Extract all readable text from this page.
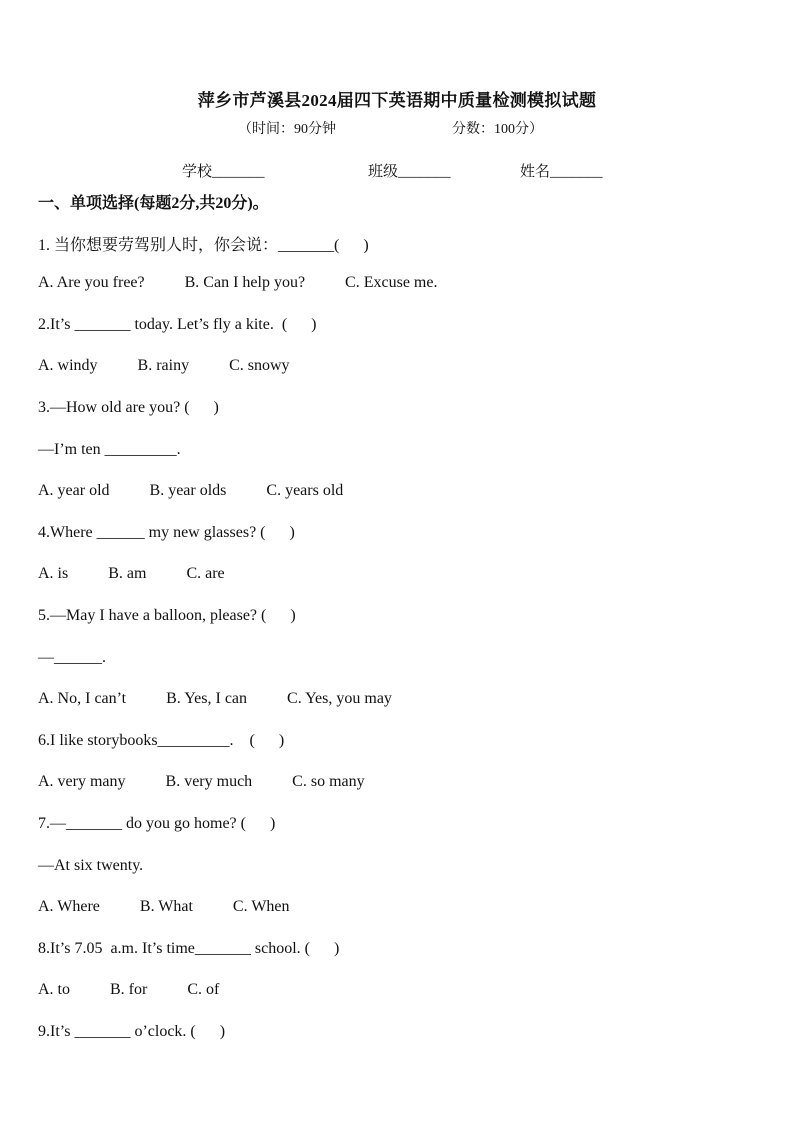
萍乡市芦溪县2024届四下英语期中质量检测模拟试题
（时间：90分钟	分数：100分）
学校_______	班级_______	姓名_______
一、单项选择(每题2分,共20分)。
1. 当你想要劳驾别人时，你会说：_______(      )
A. Are you free?          B. Can I help you?          C. Excuse me.
2.It’s _______ today. Let’s fly a kite.  (      )
A. windy          B. rainy          C. snowy
3.—How old are you? (      )
—I’m ten _________.
A. year old          B. year olds          C. years old
4.Where ______ my new glasses? (      )
A. is          B. am          C. are
5.—May I have a balloon, please? (      )
—______.
A. No, I can’t          B. Yes, I can          C. Yes, you may
6.I like storybooks_________.    (      )
A. very many          B. very much          C. so many
7.—_______ do you go home? (      )
—At six twenty.
A. Where          B. What          C. When
8.It’s 7.05  a.m. It’s time_______ school. (      )
A. to          B. for          C. of
9.It’s _______ o’clock. (      )
